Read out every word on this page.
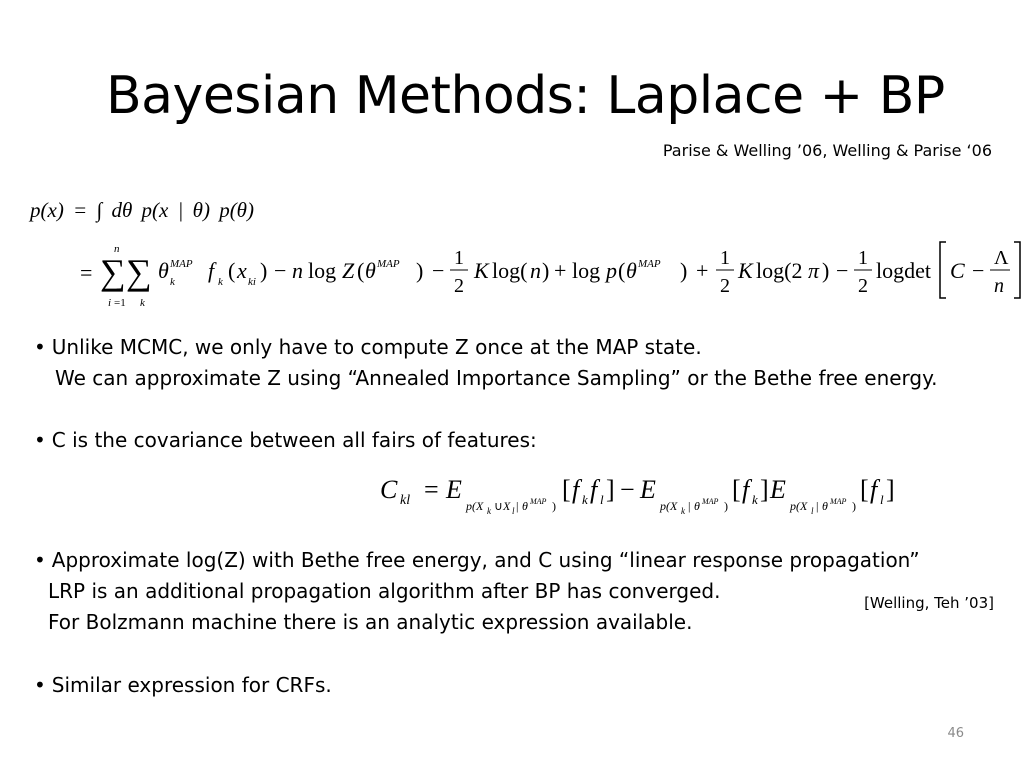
Bayesian Methods: Laplace + BP
Parise & Welling ’06, Welling & Parise ‘06
p(x) = ∫ dθ p(x | θ) p(θ)
= ∑ ∑
n
i =1 k
θ MAP
k f k ( x ki ) − n log Z ( θ MAP ) − 1
2
K log( n ) + log p ( θ MAP ) + 1
2
K log(2 π ) − 1
2
logdet C − Λ
n
• Unlike MCMC, we only have to compute Z once at the MAP state.
We can approximate Z using “Annealed Importance Sampling” or the Bethe free energy.
• C is the covariance between all fairs of features:
C kl = E
p(X k ∪ X l | θ MAP )
[ f k f l ] − E
p(X k | θ MAP )
[ f k ] E
p(X l | θ MAP )
[ f l ]
• Approximate log(Z) with Bethe free energy, and C using “linear response propagation”
LRP is an additional propagation algorithm after BP has converged.
For Bolzmann machine there is an analytic expression available.
[Welling, Teh ’03]
• Similar expression for CRFs.
46
